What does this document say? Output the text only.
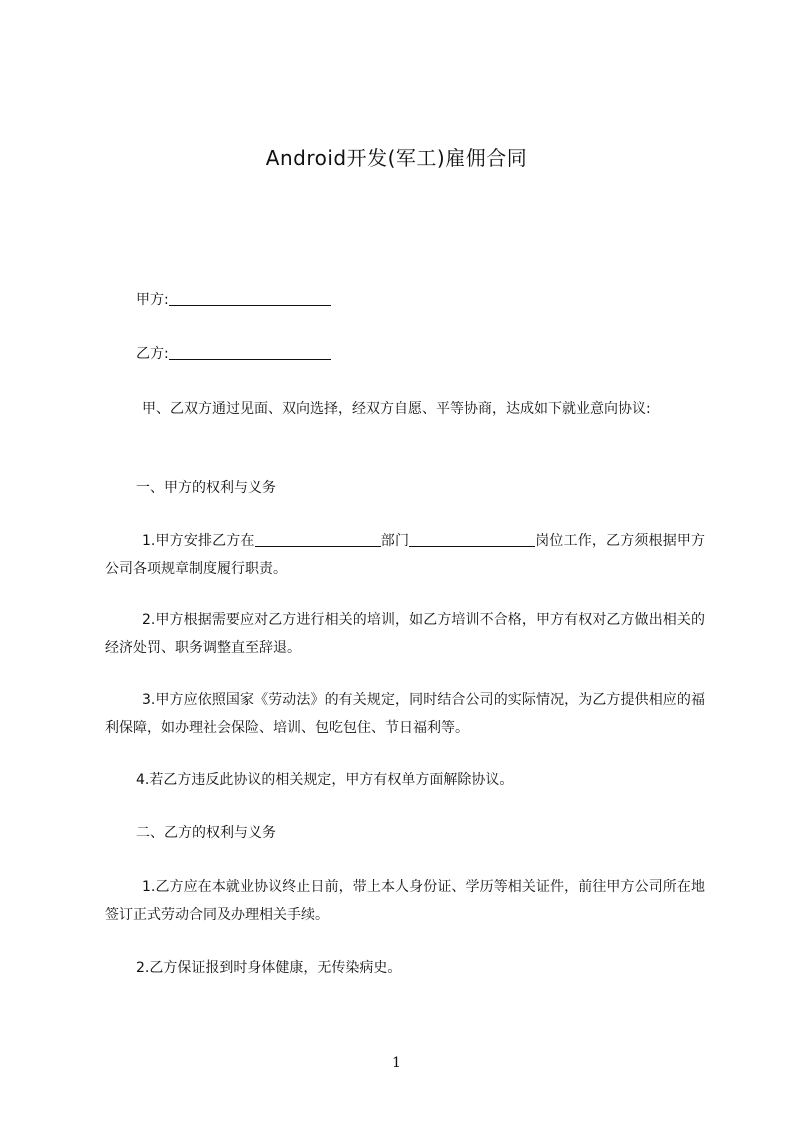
Android开发(军工)雇佣合同
甲方:
乙方:
甲、乙双方通过见面、双向选择，经双方自愿、平等协商，达成如下就业意向协议:
一、甲方的权利与义务
1.甲方安排乙方在	部门	岗位工作，乙方须根据甲方公司各项规章制度履行职责。
2.甲方根据需要应对乙方进行相关的培训，如乙方培训不合格，甲方有权对乙方做出相关的经济处罚、职务调整直至辞退。
3.甲方应依照国家《劳动法》的有关规定，同时结合公司的实际情况，为乙方提供相应的福利保障，如办理社会保险、培训、包吃包住、节日福利等。
4.若乙方违反此协议的相关规定，甲方有权单方面解除协议。
二、乙方的权利与义务
1.乙方应在本就业协议终止日前，带上本人身份证、学历等相关证件，前往甲方公司所在地签订正式劳动合同及办理相关手续。
2.乙方保证报到时身体健康，无传染病史。
1
